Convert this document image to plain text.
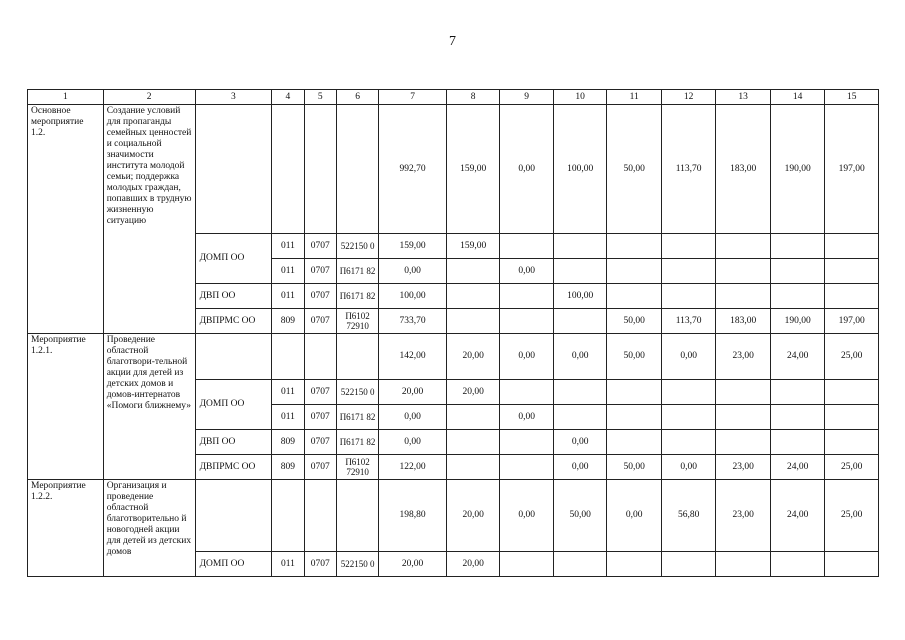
7
1	2	3	4	5	6	7	8	9	10	11	12	13	14	15
Основное мероприятие 1.2.	Создание условий для пропаганды семейных ценностей и социальной значимости института молодой семьи; поддержка молодых граждан, попавших в трудную жизненную ситуацию					992,70	159,00	0,00	100,00	50,00	113,70	183,00	190,00	197,00
		ДОМП ОО	011	0707	522150 0	159,00	159,00							
			011	0707	П6171 82	0,00		0,00						
		ДВП ОО	011	0707	П6171 82	100,00			100,00					
		ДВПРМС ОО	809	0707	П6102 72910	733,70				50,00	113,70	183,00	190,00	197,00
Мероприятие 1.2.1.	Проведение областной благотвори-тельной акции для детей из детских домов и домов-интернатов «Помоги ближнему»					142,00	20,00	0,00	0,00	50,00	0,00	23,00	24,00	25,00
		ДОМП ОО	011	0707	522150 0	20,00	20,00							
			011	0707	П6171 82	0,00		0,00						
		ДВП ОО	809	0707	П6171 82	0,00			0,00					
		ДВПРМС ОО	809	0707	П6102 72910	122,00			0,00	50,00	0,00	23,00	24,00	25,00
Мероприятие 1.2.2.	Организация и проведение областной благотворительно й новогодней акции для детей из детских домов					198,80	20,00	0,00	50,00	0,00	56,80	23,00	24,00	25,00
		ДОМП ОО	011	0707	522150 0	20,00	20,00							
